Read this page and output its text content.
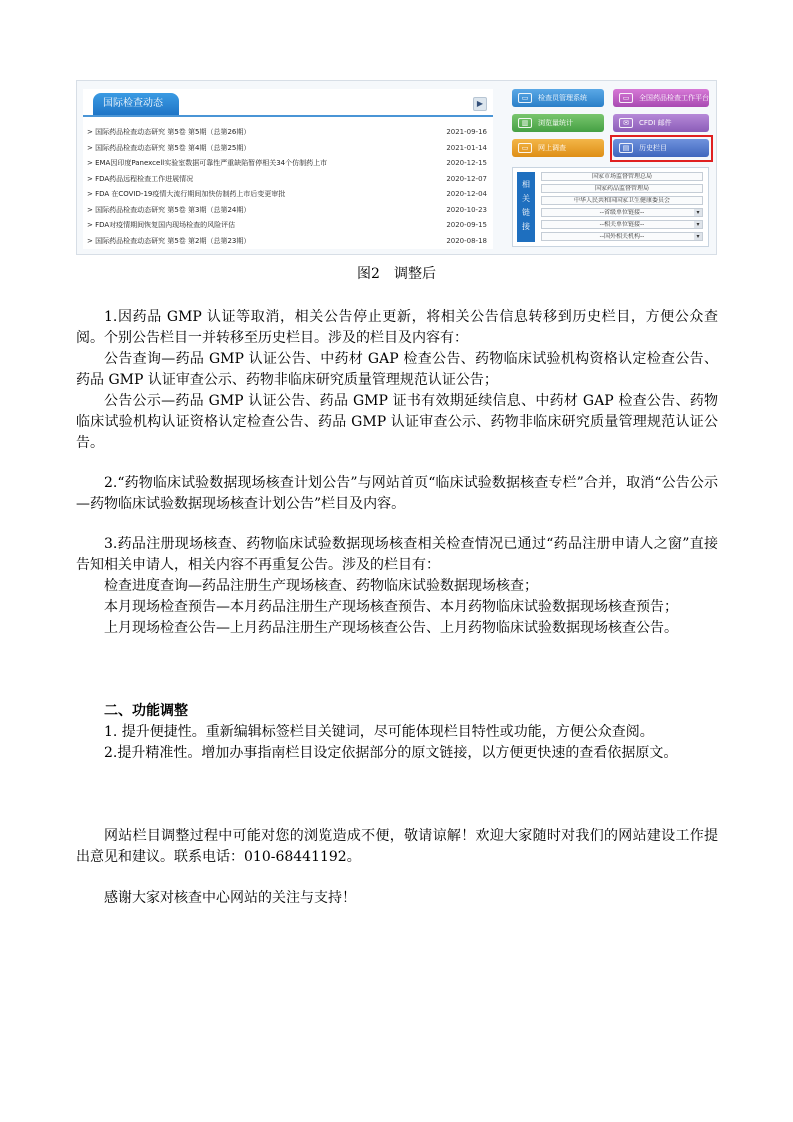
国际检查动态	▶
> 国际药品检查动态研究 第5卷 第5期（总第26期）	2021-09-16
> 国际药品检查动态研究 第5卷 第4期（总第25期）	2021-01-14
> EMA因印度Panexcell实验室数据可靠性严重缺陷暂停相关34个仿制药上市	2020-12-15
> FDA药品远程检查工作进展情况	2020-12-07
> FDA 在COVID-19疫情大流行期间加快仿制药上市后变更审批	2020-12-04
> 国际药品检查动态研究 第5卷 第3期（总第24期）	2020-10-23
> FDA对疫情期间恢复国内现场检查的风险评估	2020-09-15
> 国际药品检查动态研究 第5卷 第2期（总第23期）	2020-08-18
▭ 检查员管理系统	▭ 全国药品检查工作平台
▥ 浏览量统计	✉ CFDI 邮件
▭ 网上调查	▤ 历史栏目
相
关
链
接
国家市场监督管理总局
国家药品监督管理局
中华人民共和国国家卫生健康委员会
--省级单位链接-- ▾
--相关单位链接-- ▾
--国外相关机构-- ▾
图2 调整后

1.因药品 GMP 认证等取消，相关公告停止更新，将相关公告信息转移到历史栏目，方便公众查阅。个别公告栏目一并转移至历史栏目。涉及的栏目及内容有：

公告查询—药品 GMP 认证公告、中药材 GAP 检查公告、药物临床试验机构资格认定检查公告、药品 GMP 认证审查公示、药物非临床研究质量管理规范认证公告；

公告公示—药品 GMP 认证公告、药品 GMP 证书有效期延续信息、中药材 GAP 检查公告、药物临床试验机构认证资格认定检查公告、药品 GMP 认证审查公示、药物非临床研究质量管理规范认证公告。

2.“药物临床试验数据现场核查计划公告”与网站首页“临床试验数据核查专栏”合并，取消“公告公示—药物临床试验数据现场核查计划公告”栏目及内容。

3.药品注册现场核查、药物临床试验数据现场核查相关检查情况已通过“药品注册申请人之窗”直接告知相关申请人，相关内容不再重复公告。涉及的栏目有：

检查进度查询—药品注册生产现场核查、药物临床试验数据现场核查；

本月现场检查预告—本月药品注册生产现场核查预告、本月药物临床试验数据现场核查预告；

上月现场检查公告—上月药品注册生产现场核查公告、上月药物临床试验数据现场核查公告。

二、功能调整

1. 提升便捷性。重新编辑标签栏目关键词，尽可能体现栏目特性或功能，方便公众查阅。

2.提升精准性。增加办事指南栏目设定依据部分的原文链接，以方便更快速的查看依据原文。

网站栏目调整过程中可能对您的浏览造成不便，敬请谅解！欢迎大家随时对我们的网站建设工作提出意见和建议。联系电话：010-68441192。

感谢大家对核查中心网站的关注与支持！
